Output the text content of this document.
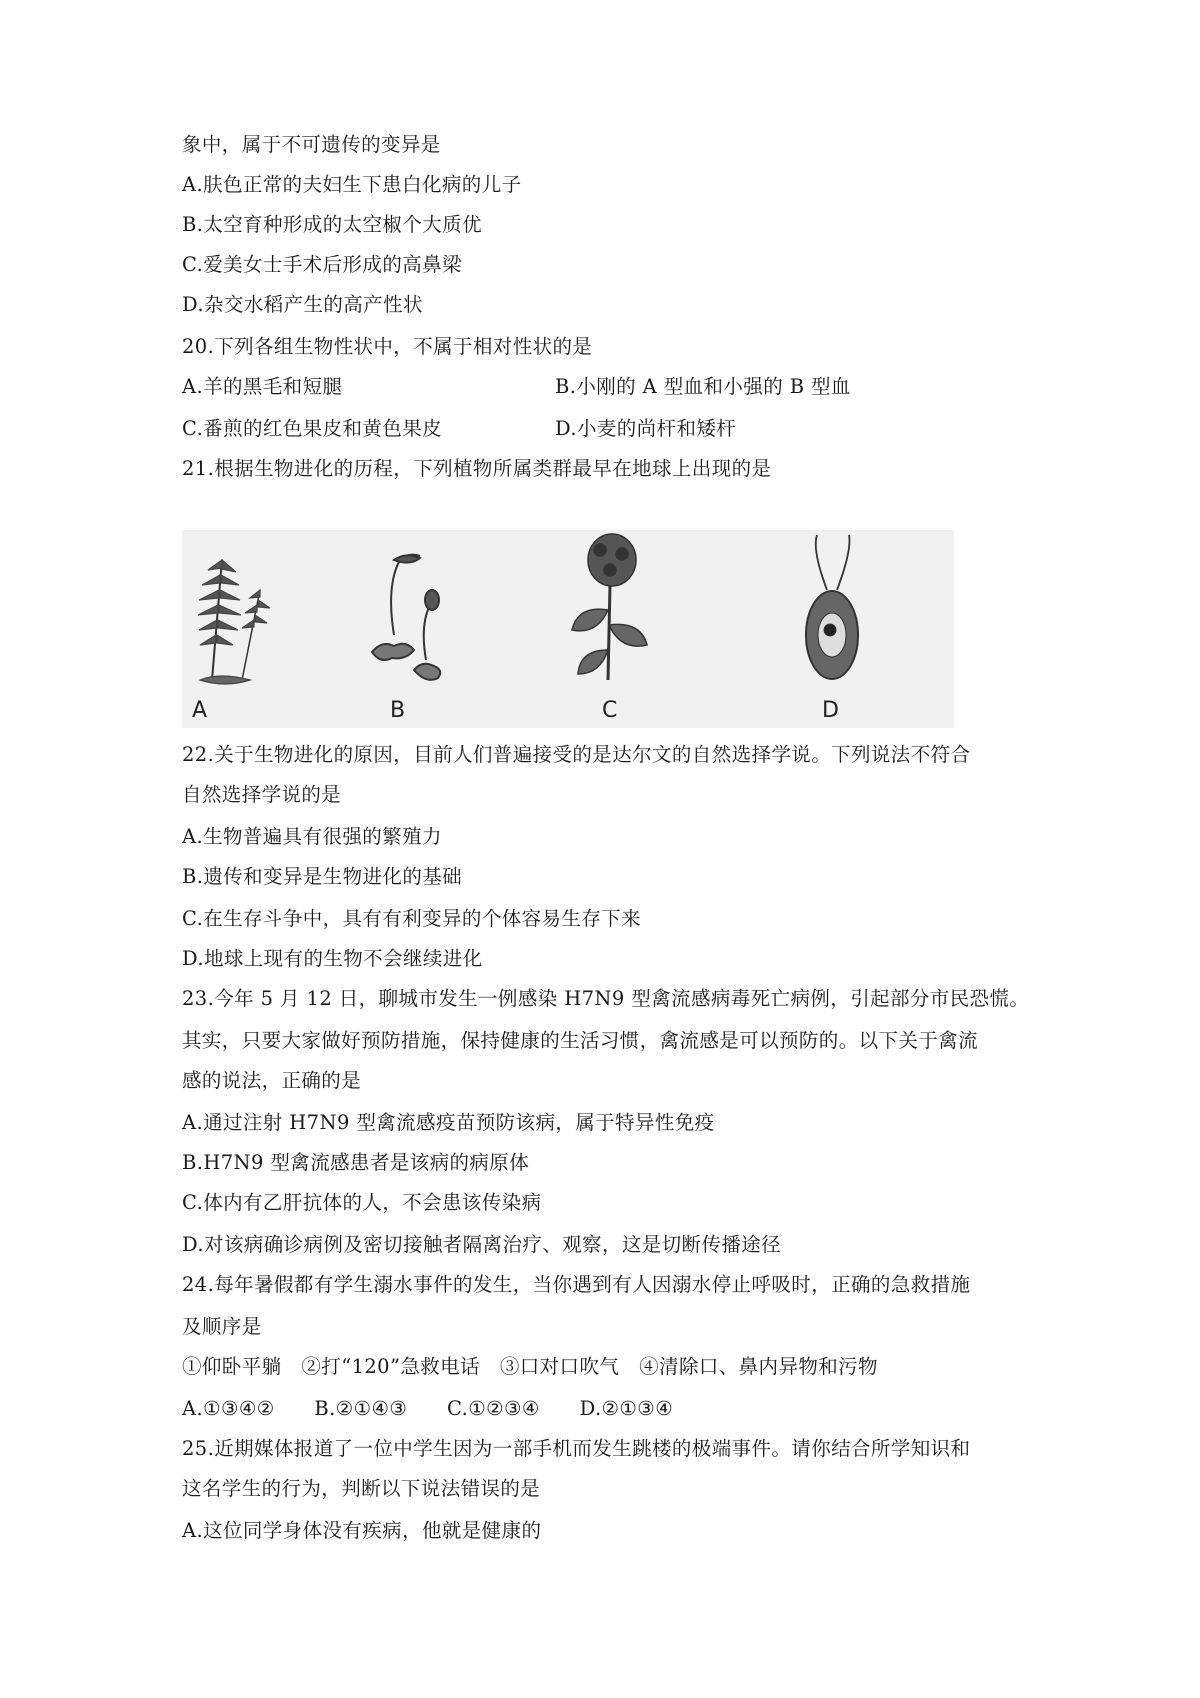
象中，属于不可遗传的变异是
A.肤色正常的夫妇生下患白化病的儿子
B.太空育种形成的太空椒个大质优
C.爱美女士手术后形成的高鼻梁
D.杂交水稻产生的高产性状
20.下列各组生物性状中，不属于相对性状的是
A.羊的黑毛和短腿	B.小刚的 A 型血和小强的 B 型血
C.番煎的红色果皮和黄色果皮	D.小麦的尚杆和矮杆
21.根据生物进化的历程，下列植物所属类群最早在地球上出现的是
A	B	C	D
22.关于生物进化的原因，目前人们普遍接受的是达尔文的自然选择学说。下列说法不符合
自然选择学说的是
A.生物普遍具有很强的繁殖力
B.遗传和变异是生物进化的基础
C.在生存斗争中，具有有利变异的个体容易生存下来
D.地球上现有的生物不会继续进化
23.今年 5 月 12 日，聊城市发生一例感染 H7N9 型禽流感病毒死亡病例，引起部分市民恐慌。
其实，只要大家做好预防措施，保持健康的生活习惯，禽流感是可以预防的。以下关于禽流
感的说法，正确的是
A.通过注射 H7N9 型禽流感疫苗预防该病，属于特异性免疫
B.H7N9 型禽流感患者是该病的病原体
C.体内有乙肝抗体的人，不会患该传染病
D.对该病确诊病例及密切接触者隔离治疗、观察，这是切断传播途径
24.每年暑假都有学生溺水事件的发生，当你遇到有人因溺水停止呼吸时，正确的急救措施
及顺序是
①仰卧平躺　②打“120”急救电话　③口对口吹气　④清除口、鼻内异物和污物
A.①③④②　　B.②①④③　　C.①②③④　　D.②①③④
25.近期媒体报道了一位中学生因为一部手机而发生跳楼的极端事件。请你结合所学知识和
这名学生的行为，判断以下说法错误的是
A.这位同学身体没有疾病，他就是健康的
